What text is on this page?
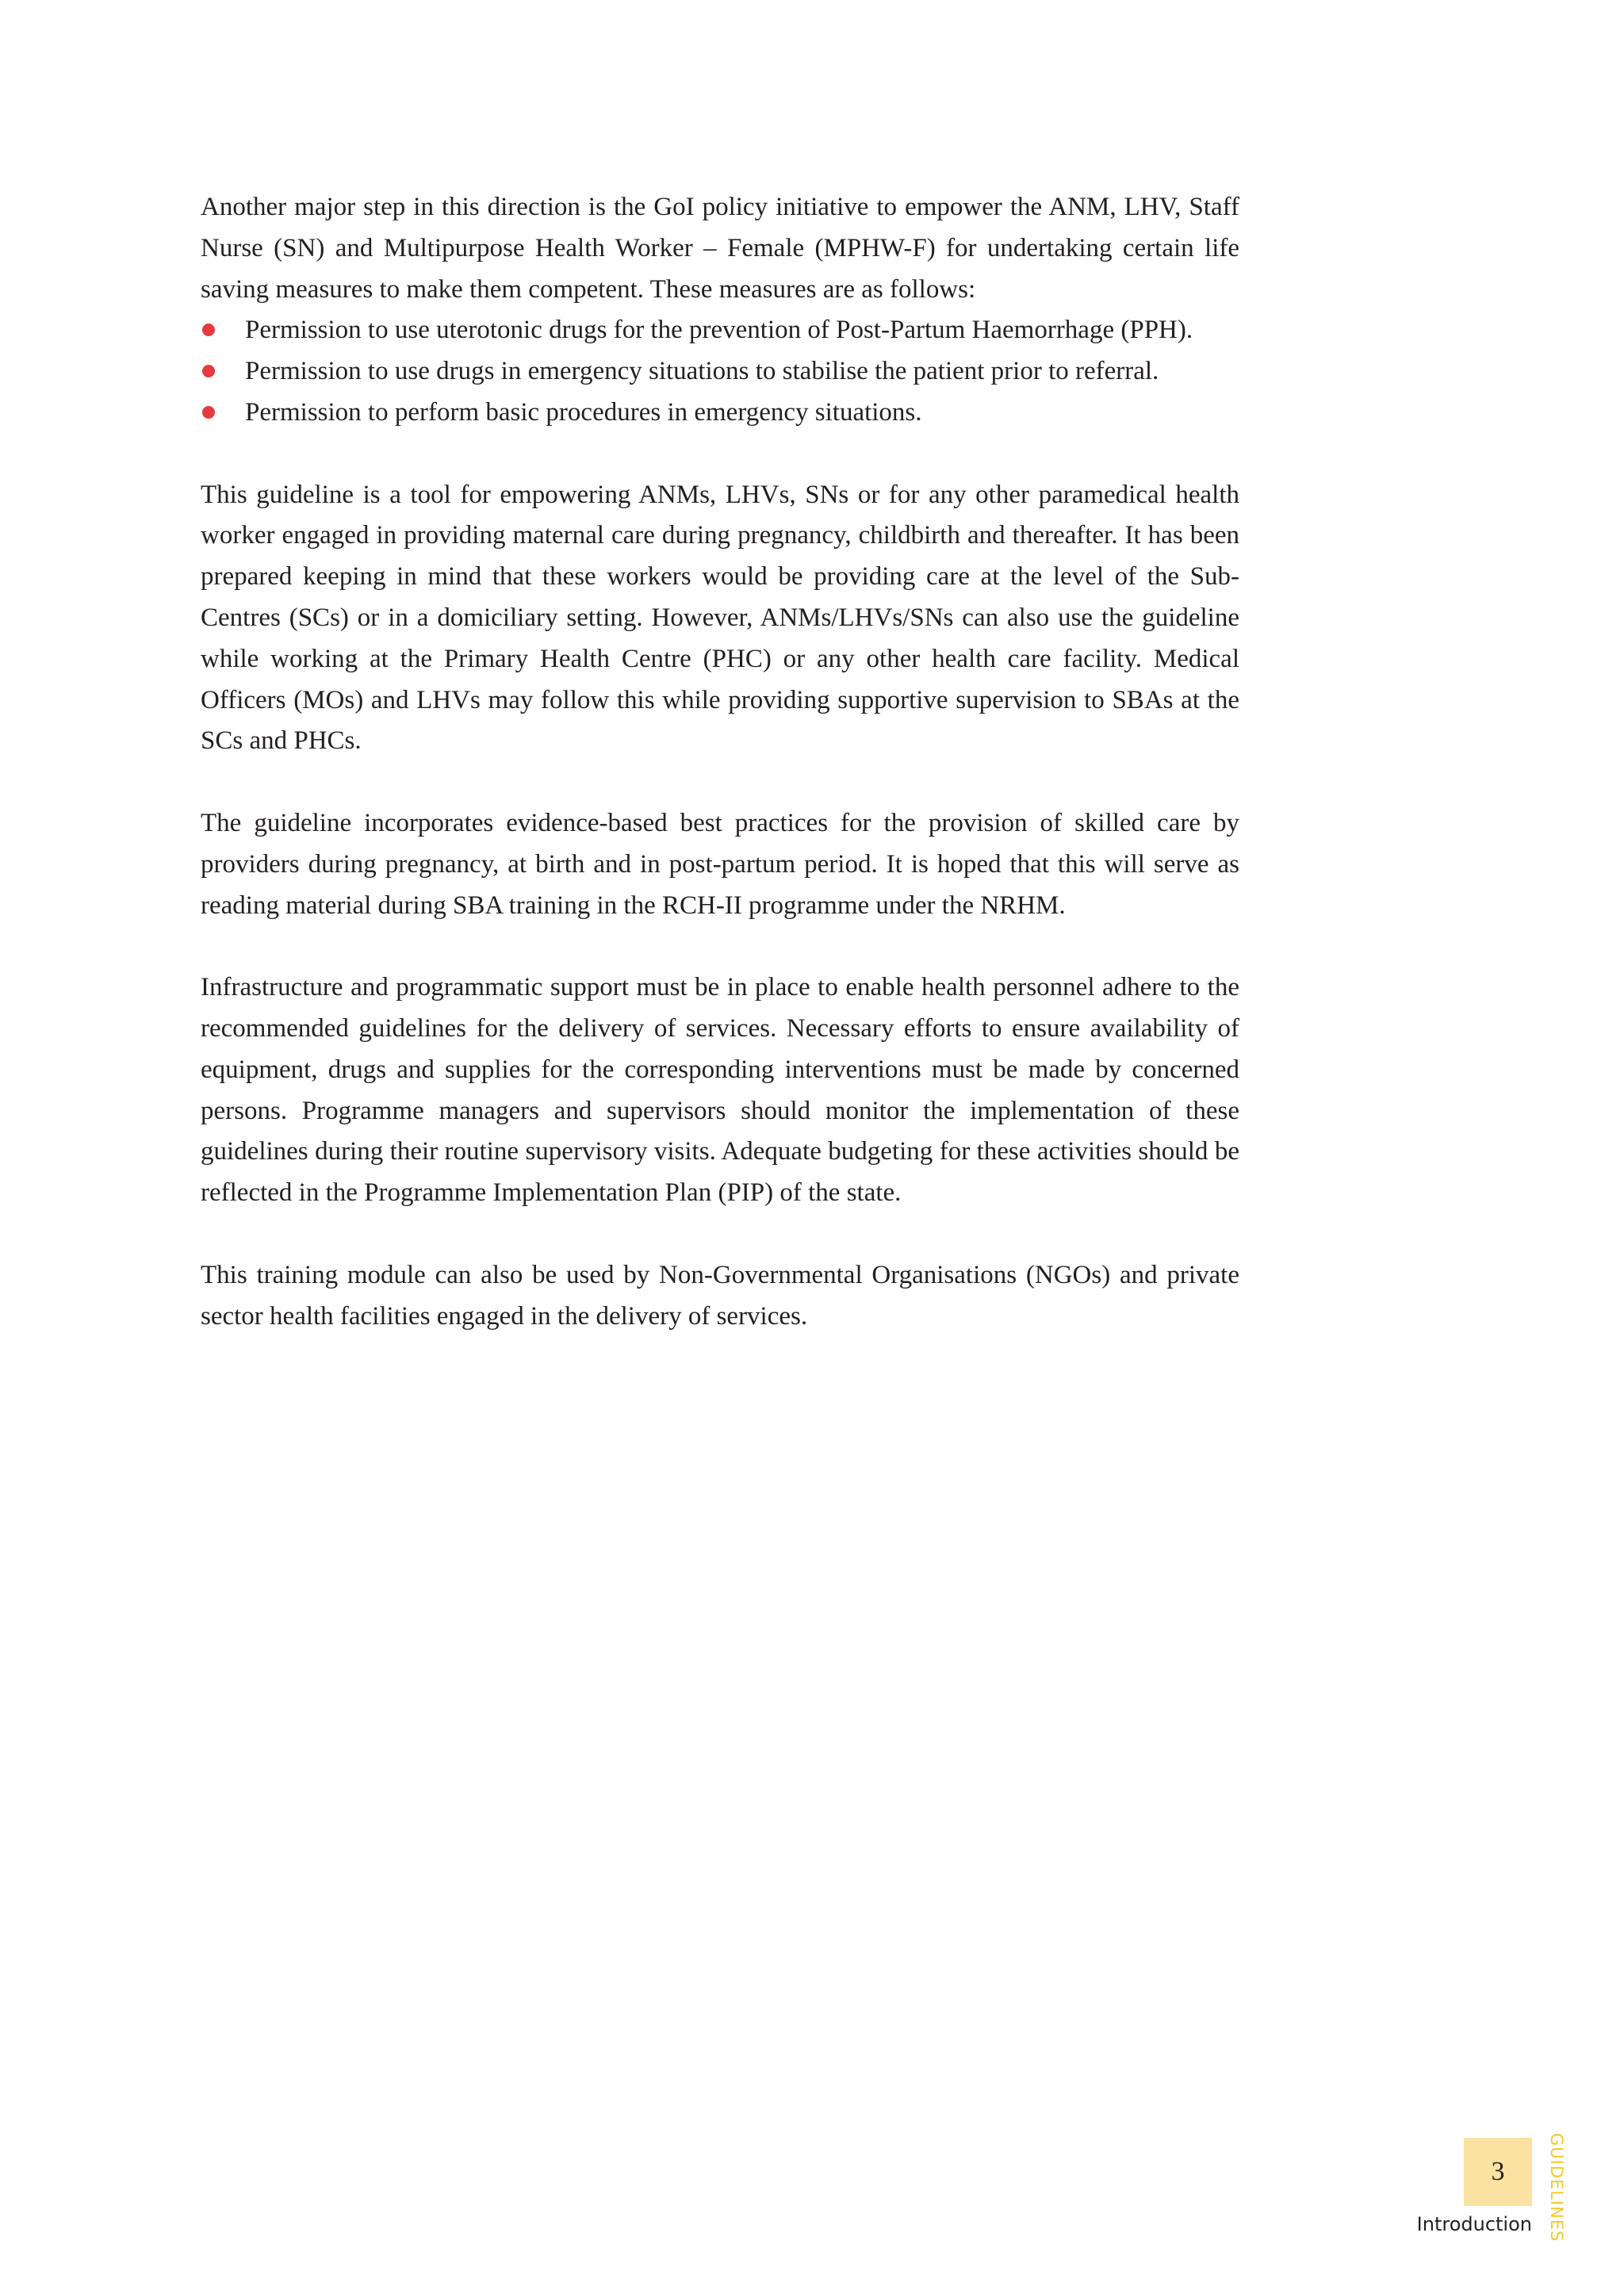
Another major step in this direction is the GoI policy initiative to empower the ANM, LHV, Staff Nurse (SN) and Multipurpose Health Worker – Female (MPHW-F) for undertaking certain life saving measures to make them competent. These measures are as follows:

Permission to use uterotonic drugs for the prevention of Post-Partum Haemorrhage (PPH).
Permission to use drugs in emergency situations to stabilise the patient prior to referral.
Permission to perform basic procedures in emergency situations.

This guideline is a tool for empowering ANMs, LHVs, SNs or for any other paramedical health worker engaged in providing maternal care during pregnancy, childbirth and thereafter. It has been prepared keeping in mind that these workers would be providing care at the level of the Sub-Centres (SCs) or in a domiciliary setting. However, ANMs/LHVs/SNs can also use the guideline while working at the Primary Health Centre (PHC) or any other health care facility. Medical Officers (MOs) and LHVs may follow this while providing supportive supervision to SBAs at the SCs and PHCs.

The guideline incorporates evidence-based best practices for the provision of skilled care by providers during pregnancy, at birth and in post-partum period. It is hoped that this will serve as reading material during SBA training in the RCH-II programme under the NRHM.

Infrastructure and programmatic support must be in place to enable health personnel adhere to the recommended guidelines for the delivery of services. Necessary efforts to ensure availability of equipment, drugs and supplies for the corresponding interventions must be made by concerned persons. Programme managers and supervisors should monitor the implementation of these guidelines during their routine supervisory visits. Adequate budgeting for these activities should be reflected in the Programme Implementation Plan (PIP) of the state.

This training module can also be used by Non-Governmental Organisations (NGOs) and private sector health facilities engaged in the delivery of services.

3
Introduction GUIDELINES
